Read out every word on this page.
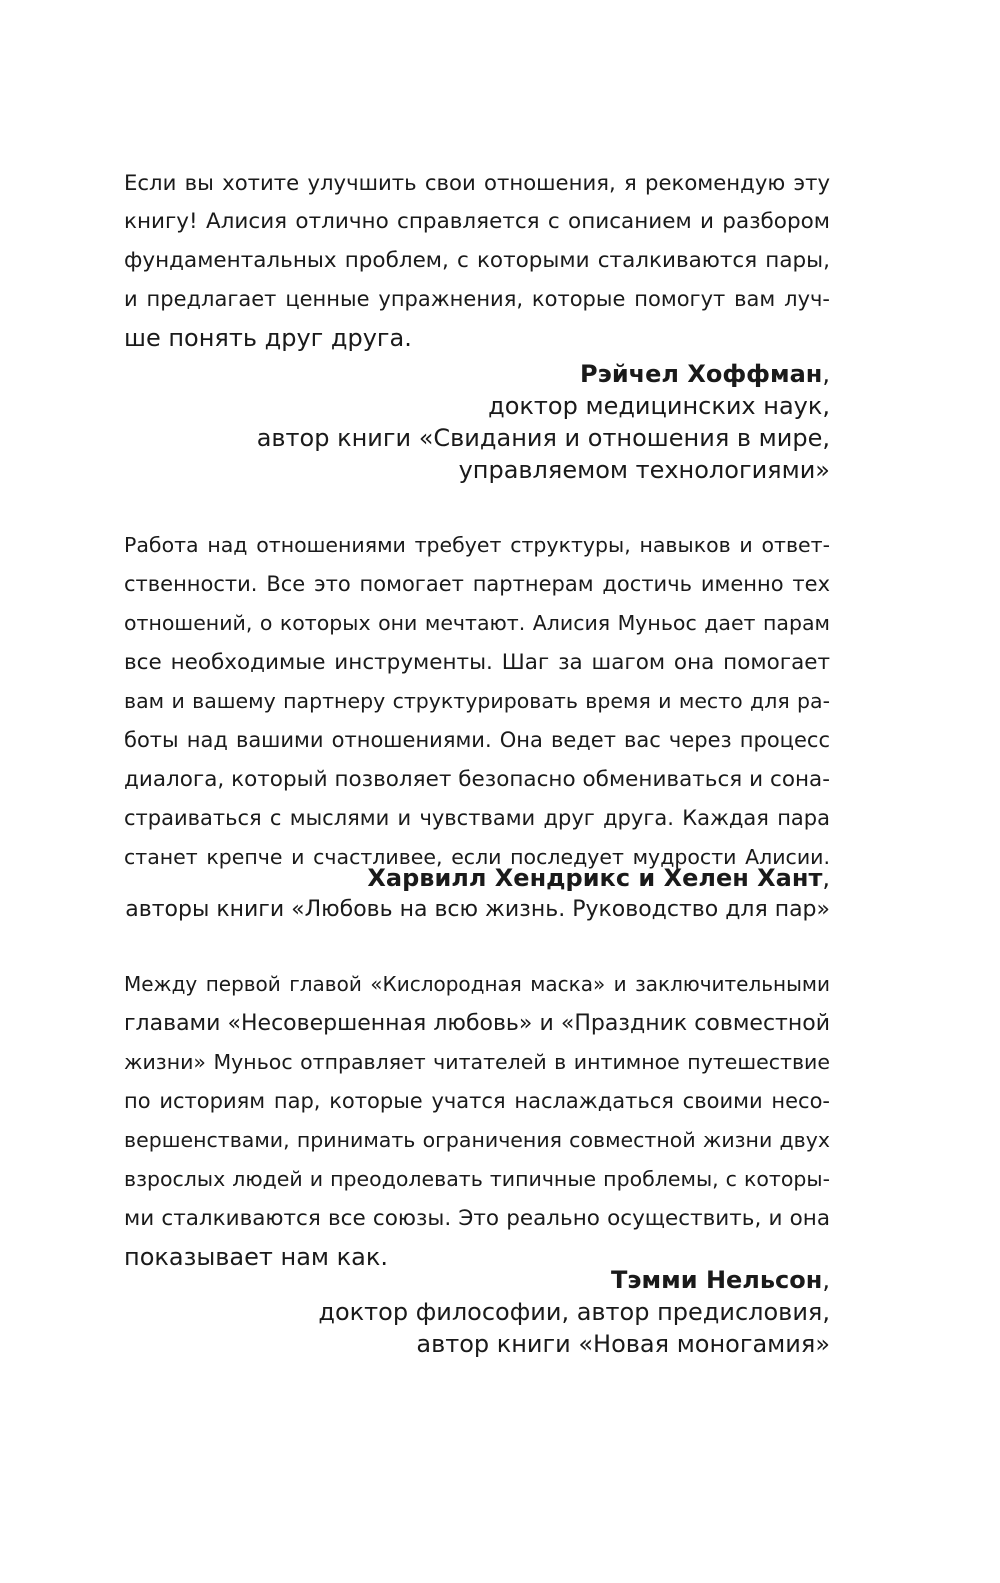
Если вы хотите улучшить свои отношения, я рекомендую эту
книгу! Алисия отлично справляется с описанием и разбором
фундаментальных проблем, с которыми сталкиваются пары,
и предлагает ценные упражнения, которые помогут вам луч-
ше понять друг друга.
Рэйчел Хоффман,
доктор медицинских наук,
автор книги «Свидания и отношения в мире,
управляемом технологиями»
Работа над отношениями требует структуры, навыков и ответ-
ственности. Все это помогает партнерам достичь именно тех
отношений, о которых они мечтают. Алисия Муньос дает парам
все необходимые инструменты. Шаг за шагом она помогает
вам и вашему партнеру структурировать время и место для ра-
боты над вашими отношениями. Она ведет вас через процесс
диалога, который позволяет безопасно обмениваться и сона-
страиваться с мыслями и чувствами друг друга. Каждая пара
станет крепче и счастливее, если последует мудрости Алисии.
Харвилл Хендрикс и Хелен Хант,
авторы книги «Любовь на всю жизнь. Руководство для пар»
Между первой главой «Кислородная маска» и заключительными
главами «Несовершенная любовь» и «Праздник совместной
жизни» Муньос отправляет читателей в интимное путешествие
по историям пар, которые учатся наслаждаться своими несо-
вершенствами, принимать ограничения совместной жизни двух
взрослых людей и преодолевать типичные проблемы, с которы-
ми сталкиваются все союзы. Это реально осуществить, и она
показывает нам как.
Тэмми Нельсон,
доктор философии, автор предисловия,
автор книги «Новая моногамия»
